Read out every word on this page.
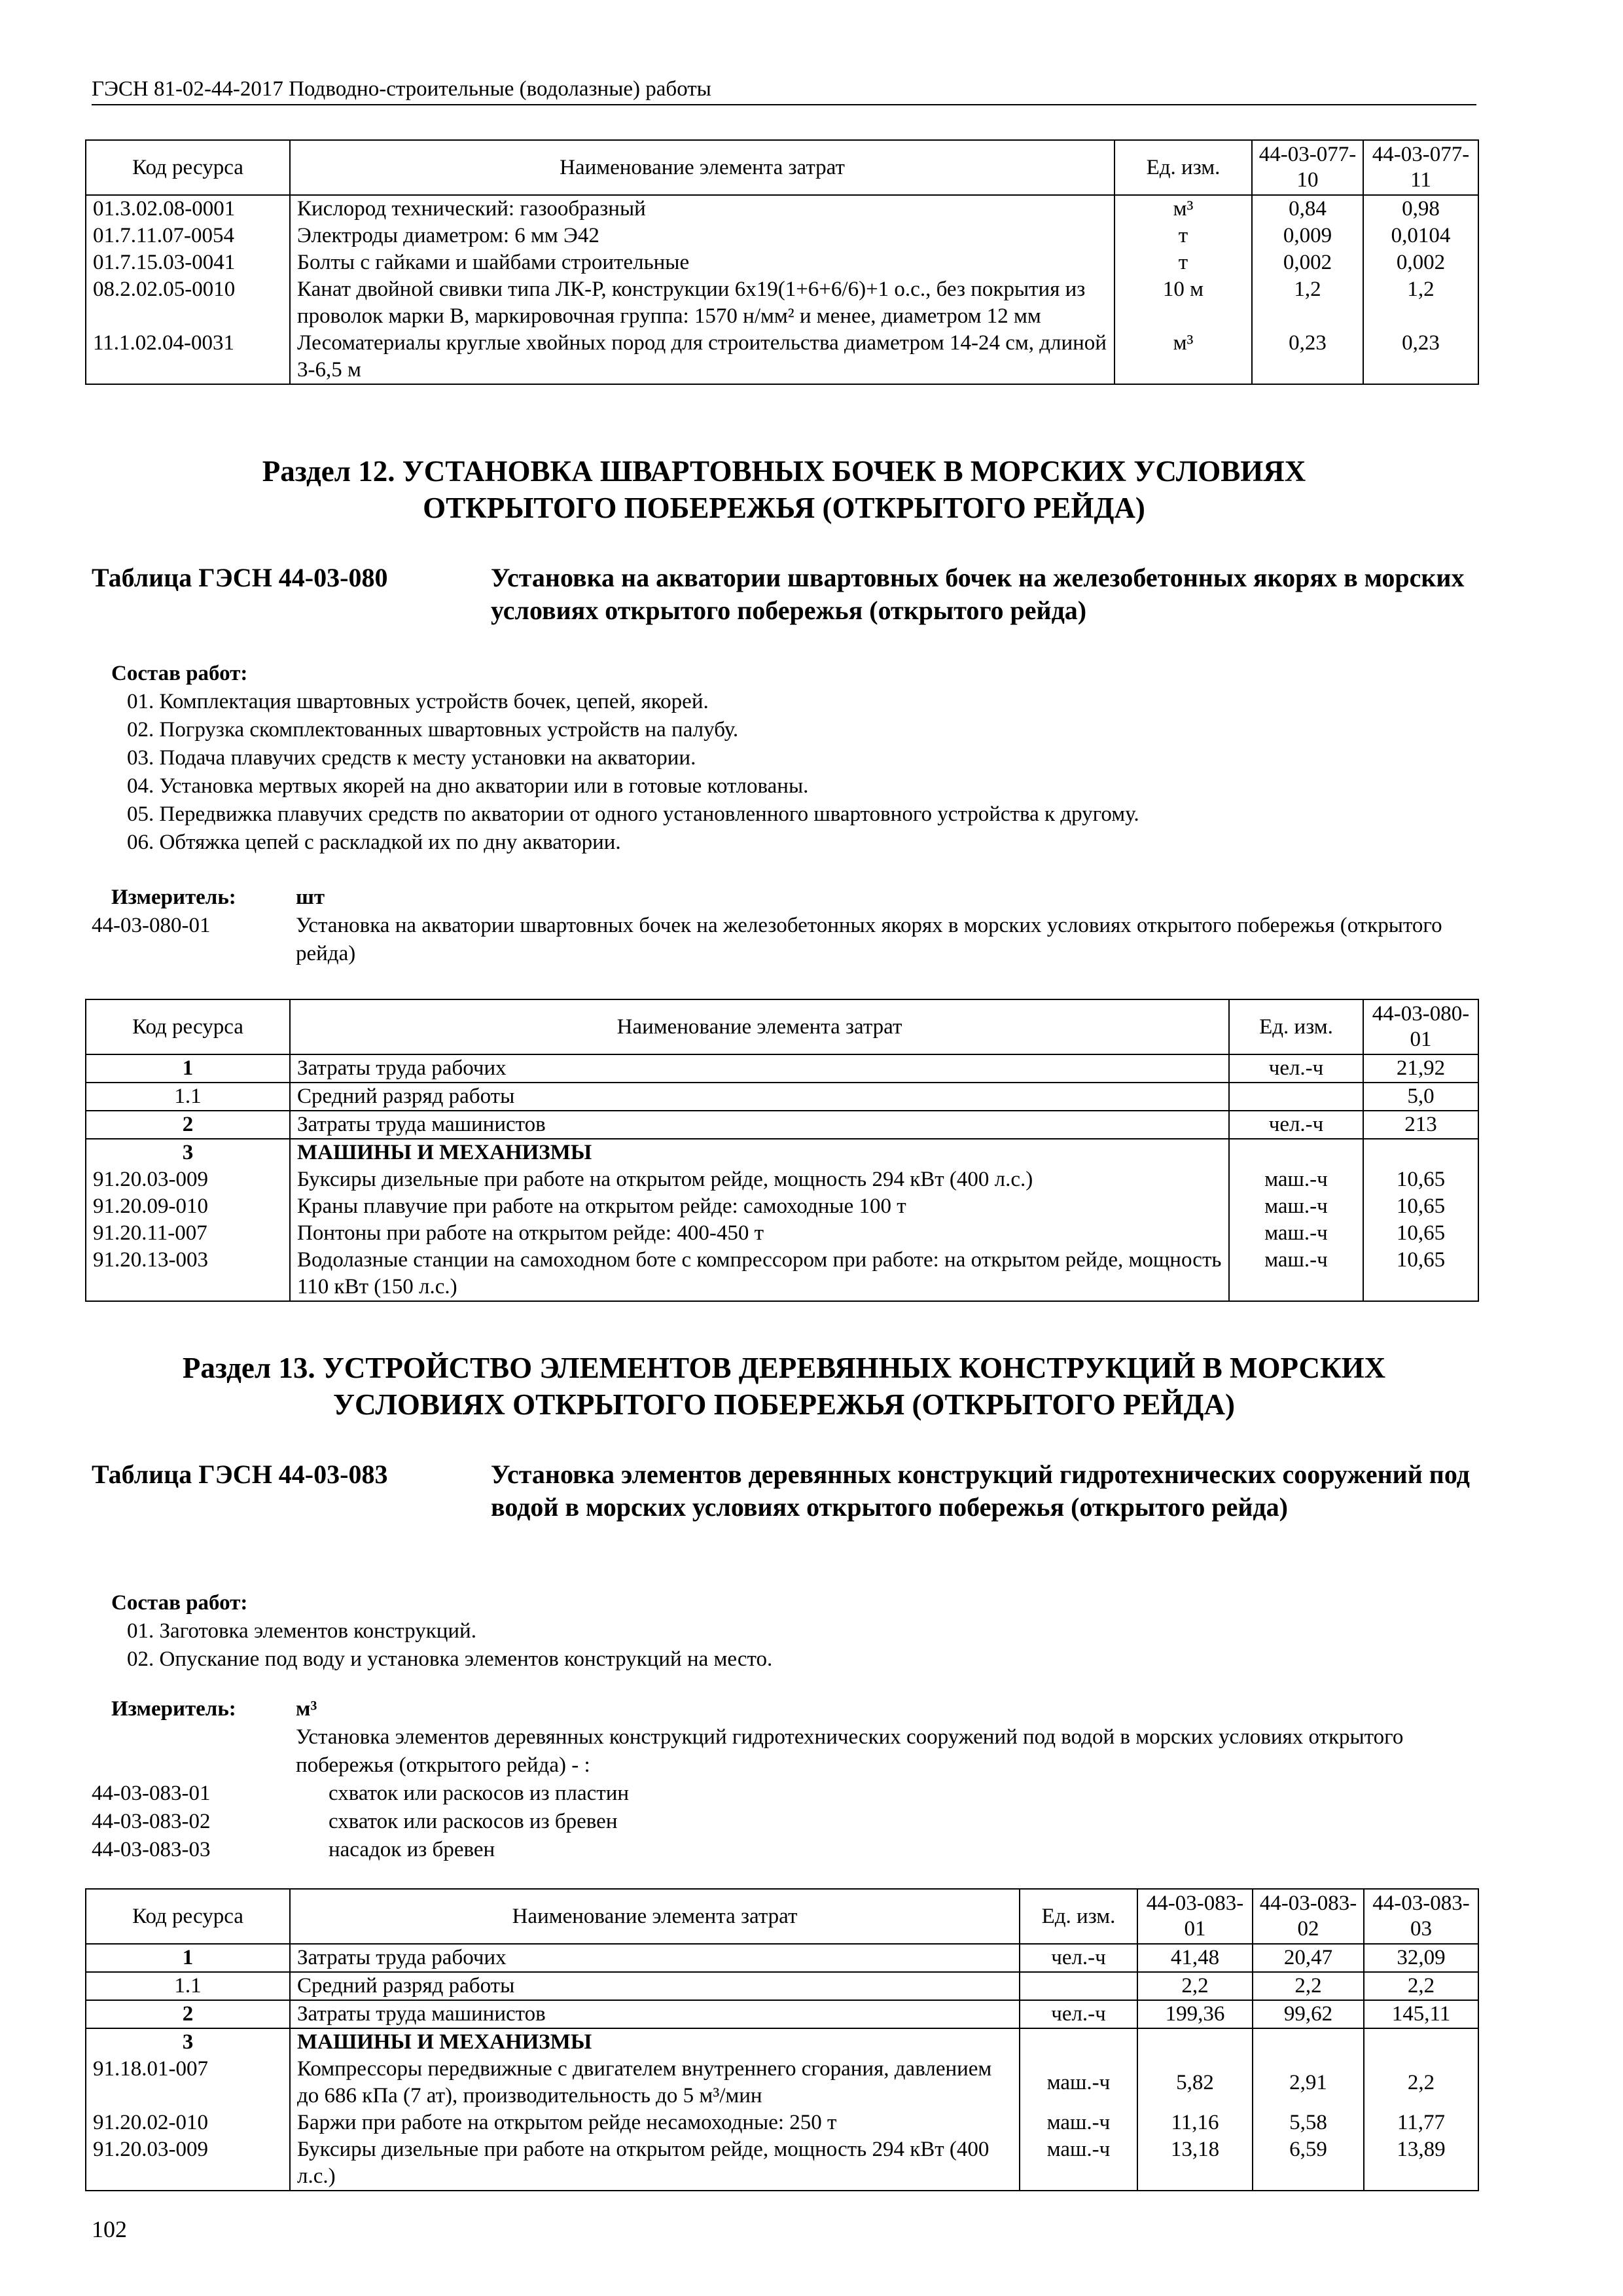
ГЭСН 81-02-44-2017 Подводно-строительные (водолазные) работы
Код ресурса	Наименование элемента затрат	Ед. изм.	44-03-077-10	44-03-077-11
01.3.02.08-0001	Кислород технический: газообразный	м³	0,84	0,98
01.7.11.07-0054	Электроды диаметром: 6 мм Э42	т	0,009	0,0104
01.7.15.03-0041	Болты с гайками и шайбами строительные	т	0,002	0,002
08.2.02.05-0010	Канат двойной свивки типа ЛК-Р, конструкции 6х19(1+6+6/6)+1 о.с., без покрытия из проволок марки В, маркировочная группа: 1570 н/мм² и менее, диаметром 12 мм	10 м	1,2	1,2
11.1.02.04-0031	Лесоматериалы круглые хвойных пород для строительства диаметром 14-24 см, длиной 3-6,5 м	м³	0,23	0,23
Раздел 12. УСТАНОВКА ШВАРТОВНЫХ БОЧЕК В МОРСКИХ УСЛОВИЯХ
ОТКРЫТОГО ПОБЕРЕЖЬЯ (ОТКРЫТОГО РЕЙДА)
Таблица ГЭСН 44-03-080	Установка на акватории швартовных бочек на железобетонных якорях в морских условиях открытого побережья (открытого рейда)
Состав работ:
01. Комплектация швартовных устройств бочек, цепей, якорей.
02. Погрузка скомплектованных швартовных устройств на палубу.
03. Подача плавучих средств к месту установки на акватории.
04. Установка мертвых якорей на дно акватории или в готовые котлованы.
05. Передвижка плавучих средств по акватории от одного установленного швартовного устройства к другому.
06. Обтяжка цепей с раскладкой их по дну акватории.
Измеритель:	шт
44-03-080-01	Установка на акватории швартовных бочек на железобетонных якорях в морских условиях открытого побережья (открытого рейда)
Код ресурса	Наименование элемента затрат	Ед. изм.	44-03-080-01
1	Затраты труда рабочих	чел.-ч	21,92
1.1	Средний разряд работы		5,0
2	Затраты труда машинистов	чел.-ч	213
3	МАШИНЫ И МЕХАНИЗМЫ		
91.20.03-009	Буксиры дизельные при работе на открытом рейде, мощность 294 кВт (400 л.с.)	маш.-ч	10,65
91.20.09-010	Краны плавучие при работе на открытом рейде: самоходные 100 т	маш.-ч	10,65
91.20.11-007	Понтоны при работе на открытом рейде: 400-450 т	маш.-ч	10,65
91.20.13-003	Водолазные станции на самоходном боте с компрессором при работе: на открытом рейде, мощность 110 кВт (150 л.с.)	маш.-ч	10,65
Раздел 13. УСТРОЙСТВО ЭЛЕМЕНТОВ ДЕРЕВЯННЫХ КОНСТРУКЦИЙ В МОРСКИХ
УСЛОВИЯХ ОТКРЫТОГО ПОБЕРЕЖЬЯ (ОТКРЫТОГО РЕЙДА)
Таблица ГЭСН 44-03-083	Установка элементов деревянных конструкций гидротехнических сооружений под водой в морских условиях открытого побережья (открытого рейда)
Состав работ:
01. Заготовка элементов конструкций.
02. Опускание под воду и установка элементов конструкций на место.
Измеритель:	м³
Установка элементов деревянных конструкций гидротехнических сооружений под водой в морских условиях открытого побережья (открытого рейда) - :
44-03-083-01	схваток или раскосов из пластин
44-03-083-02	схваток или раскосов из бревен
44-03-083-03	насадок из бревен
Код ресурса	Наименование элемента затрат	Ед. изм.	44-03-083-01	44-03-083-02	44-03-083-03
1	Затраты труда рабочих	чел.-ч	41,48	20,47	32,09
1.1	Средний разряд работы		2,2	2,2	2,2
2	Затраты труда машинистов	чел.-ч	199,36	99,62	145,11
3	МАШИНЫ И МЕХАНИЗМЫ				
91.18.01-007	Компрессоры передвижные с двигателем внутреннего сгорания, давлением до 686 кПа (7 ат), производительность до 5 м³/мин	маш.-ч	5,82	2,91	2,2
91.20.02-010	Баржи при работе на открытом рейде несамоходные: 250 т	маш.-ч	11,16	5,58	11,77
91.20.03-009	Буксиры дизельные при работе на открытом рейде, мощность 294 кВт (400 л.с.)	маш.-ч	13,18	6,59	13,89
102
